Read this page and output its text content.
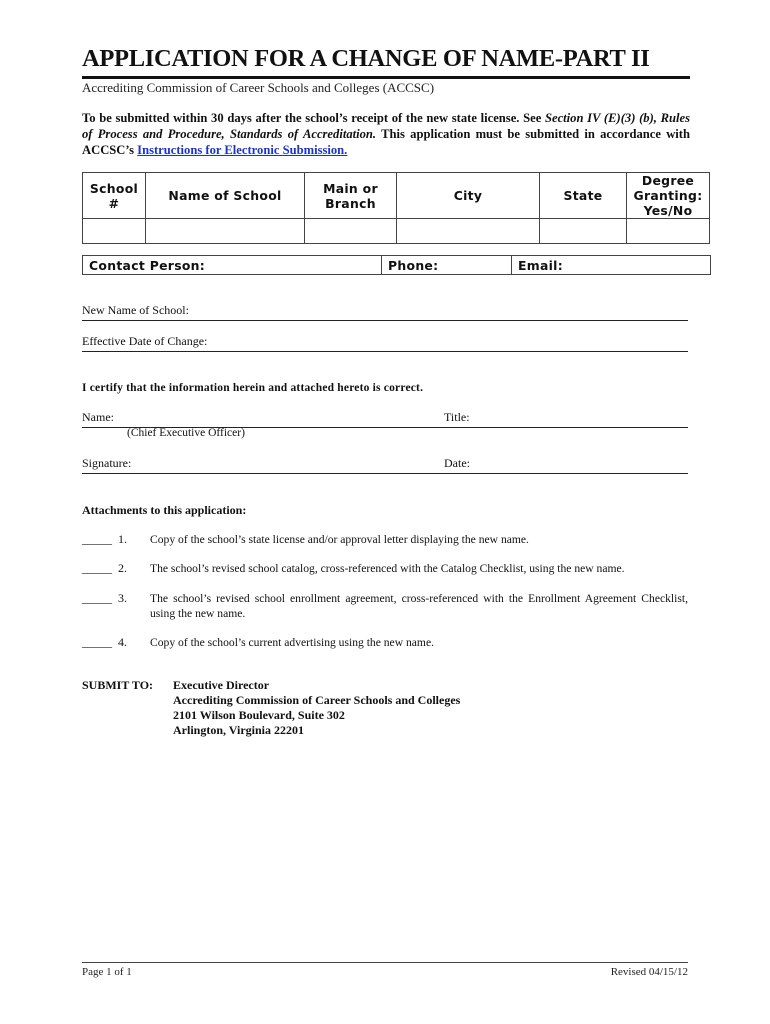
APPLICATION FOR A CHANGE OF NAME-PART II
Accrediting Commission of Career Schools and Colleges (ACCSC)
To be submitted within 30 days after the school’s receipt of the new state license. See Section IV (E)(3) (b), Rules of Process and Procedure, Standards of Accreditation. This application must be submitted in accordance with ACCSC’s Instructions for Electronic Submission.
School #	Name of School	Main or Branch	City	State	Degree Granting: Yes/No

Contact Person:	Phone:	Email:
New Name of School:
Effective Date of Change:
I certify that the information herein and attached hereto is correct.
Name:	Title:
(Chief Executive Officer)
Signature:	Date:
Attachments to this application:
_____ 1. Copy of the school’s state license and/or approval letter displaying the new name.
_____ 2. The school’s revised school catalog, cross-referenced with the Catalog Checklist, using the new name.
_____ 3. The school’s revised school enrollment agreement, cross-referenced with the Enrollment Agreement Checklist, using the new name.
_____ 4. Copy of the school’s current advertising using the new name.
SUBMIT TO: Executive Director
Accrediting Commission of Career Schools and Colleges
2101 Wilson Boulevard, Suite 302
Arlington, Virginia 22201
Page 1 of 1	Revised 04/15/12
